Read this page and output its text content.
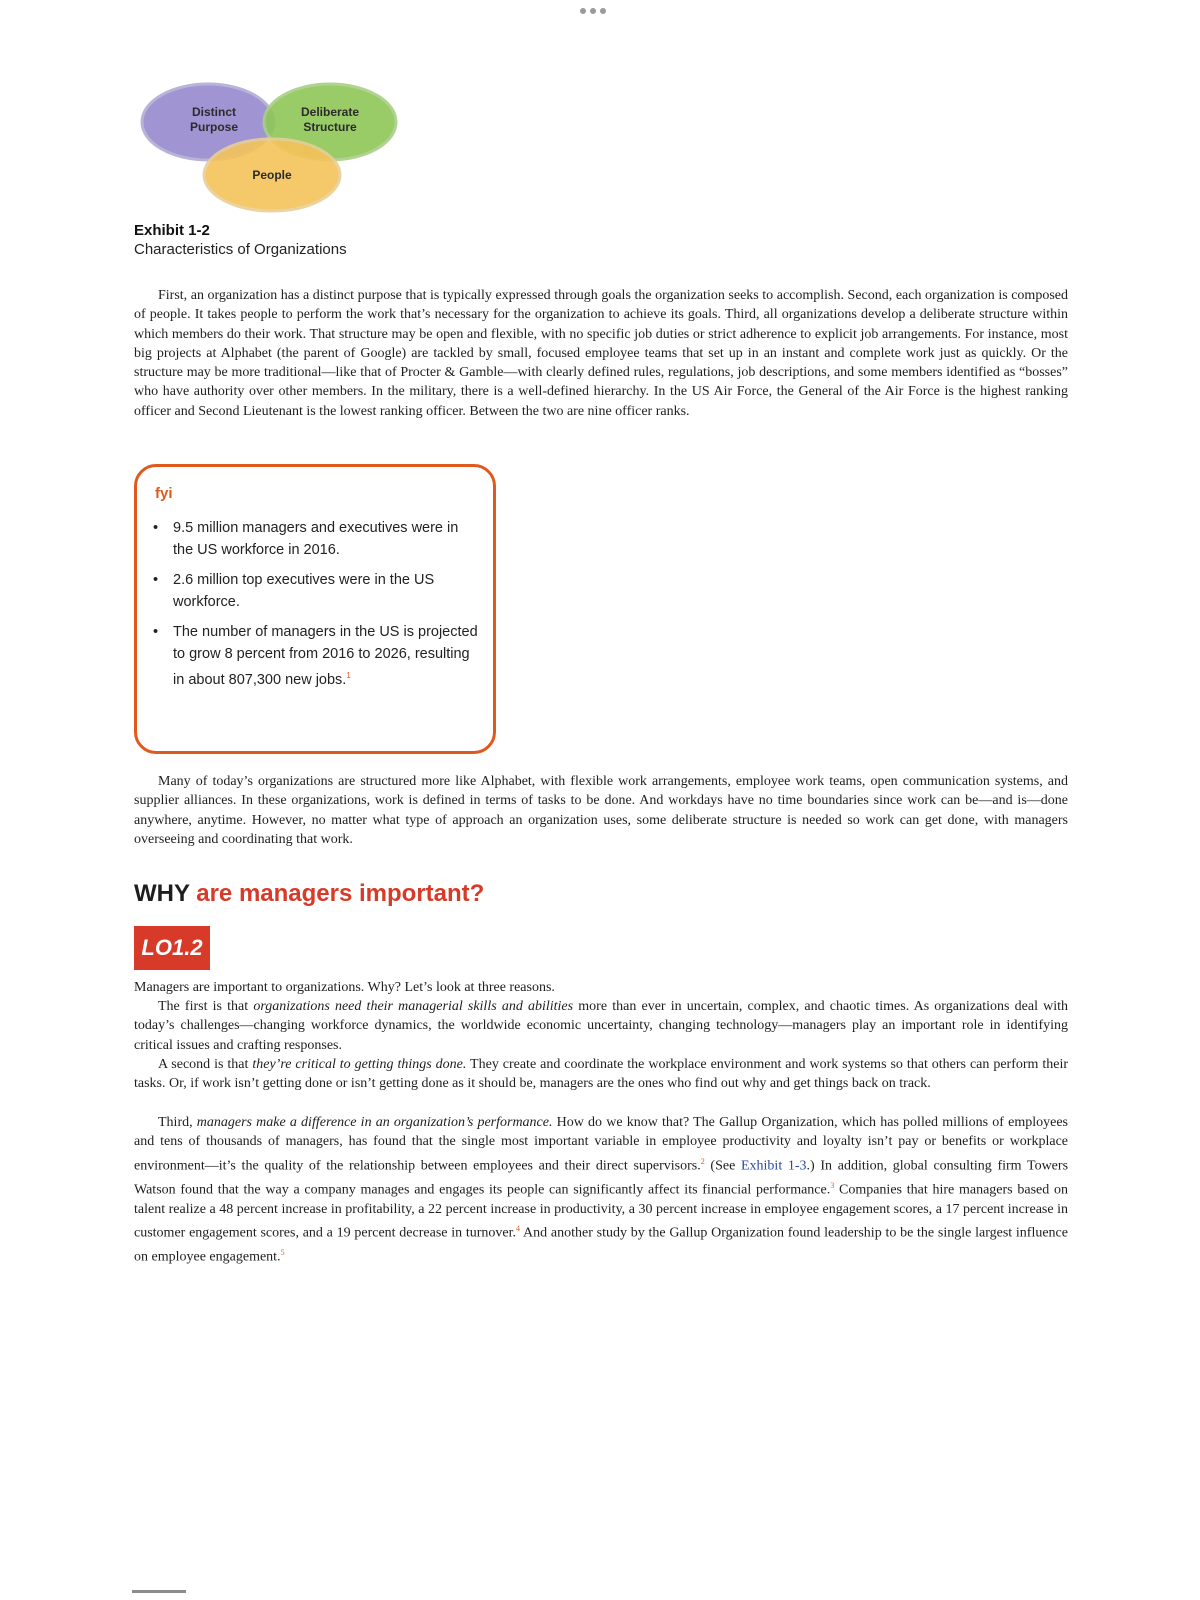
Distinct Purpose
Deliberate Structure
People
Exhibit 1-2
Characteristics of Organizations

First, an organization has a distinct purpose that is typically expressed through goals the organization seeks to accomplish. Second, each organization is composed of people. It takes people to perform the work that’s necessary for the organization to achieve its goals. Third, all organizations develop a deliberate structure within which members do their work. That structure may be open and flexible, with no specific job duties or strict adherence to explicit job arrangements. For instance, most big projects at Alphabet (the parent of Google) are tackled by small, focused employee teams that set up in an instant and complete work just as quickly. Or the structure may be more traditional—like that of Procter & Gamble—with clearly defined rules, regulations, job descriptions, and some members identified as “bosses” who have authority over other members. In the military, there is a well-defined hierarchy. In the US Air Force, the General of the Air Force is the highest ranking officer and Second Lieutenant is the lowest ranking officer. Between the two are nine officer ranks.

fyi
• 9.5 million managers and executives were in the US workforce in 2016.
• 2.6 million top executives were in the US workforce.
• The number of managers in the US is projected to grow 8 percent from 2016 to 2026, resulting in about 807,300 new jobs.$^1$

Many of today’s organizations are structured more like Alphabet, with flexible work arrangements, employee work teams, open communication systems, and supplier alliances. In these organizations, work is defined in terms of tasks to be done. And workdays have no time boundaries since work can be—and is—done anywhere, anytime. However, no matter what type of approach an organization uses, some deliberate structure is needed so work can get done, with managers overseeing and coordinating that work.

WHY are managers important?
LO1.2

Managers are important to organizations. Why? Let’s look at three reasons.

The first is that organizations need their managerial skills and abilities more than ever in uncertain, complex, and chaotic times. As organizations deal with today’s challenges—changing workforce dynamics, the worldwide economic uncertainty, changing technology—managers play an important role in identifying critical issues and crafting responses.

A second is that they’re critical to getting things done. They create and coordinate the workplace environment and work systems so that others can perform their tasks. Or, if work isn’t getting done or isn’t getting done as it should be, managers are the ones who find out why and get things back on track.

Third, managers make a difference in an organization’s performance. How do we know that? The Gallup Organization, which has polled millions of employees and tens of thousands of managers, has found that the single most important variable in employee productivity and loyalty isn’t pay or benefits or workplace environment—it’s the quality of the relationship between employees and their direct supervisors.$^2$ (See Exhibit 1-3.) In addition, global consulting firm Towers Watson found that the way a company manages and engages its people can significantly affect its financial performance.$^3$ Companies that hire managers based on talent realize a 48 percent increase in profitability, a 22 percent increase in productivity, a 30 percent increase in employee engagement scores, a 17 percent increase in customer engagement scores, and a 19 percent decrease in turnover.$^4$ And another study by the Gallup Organization found leadership to be the single largest influence on employee engagement.$^5$
